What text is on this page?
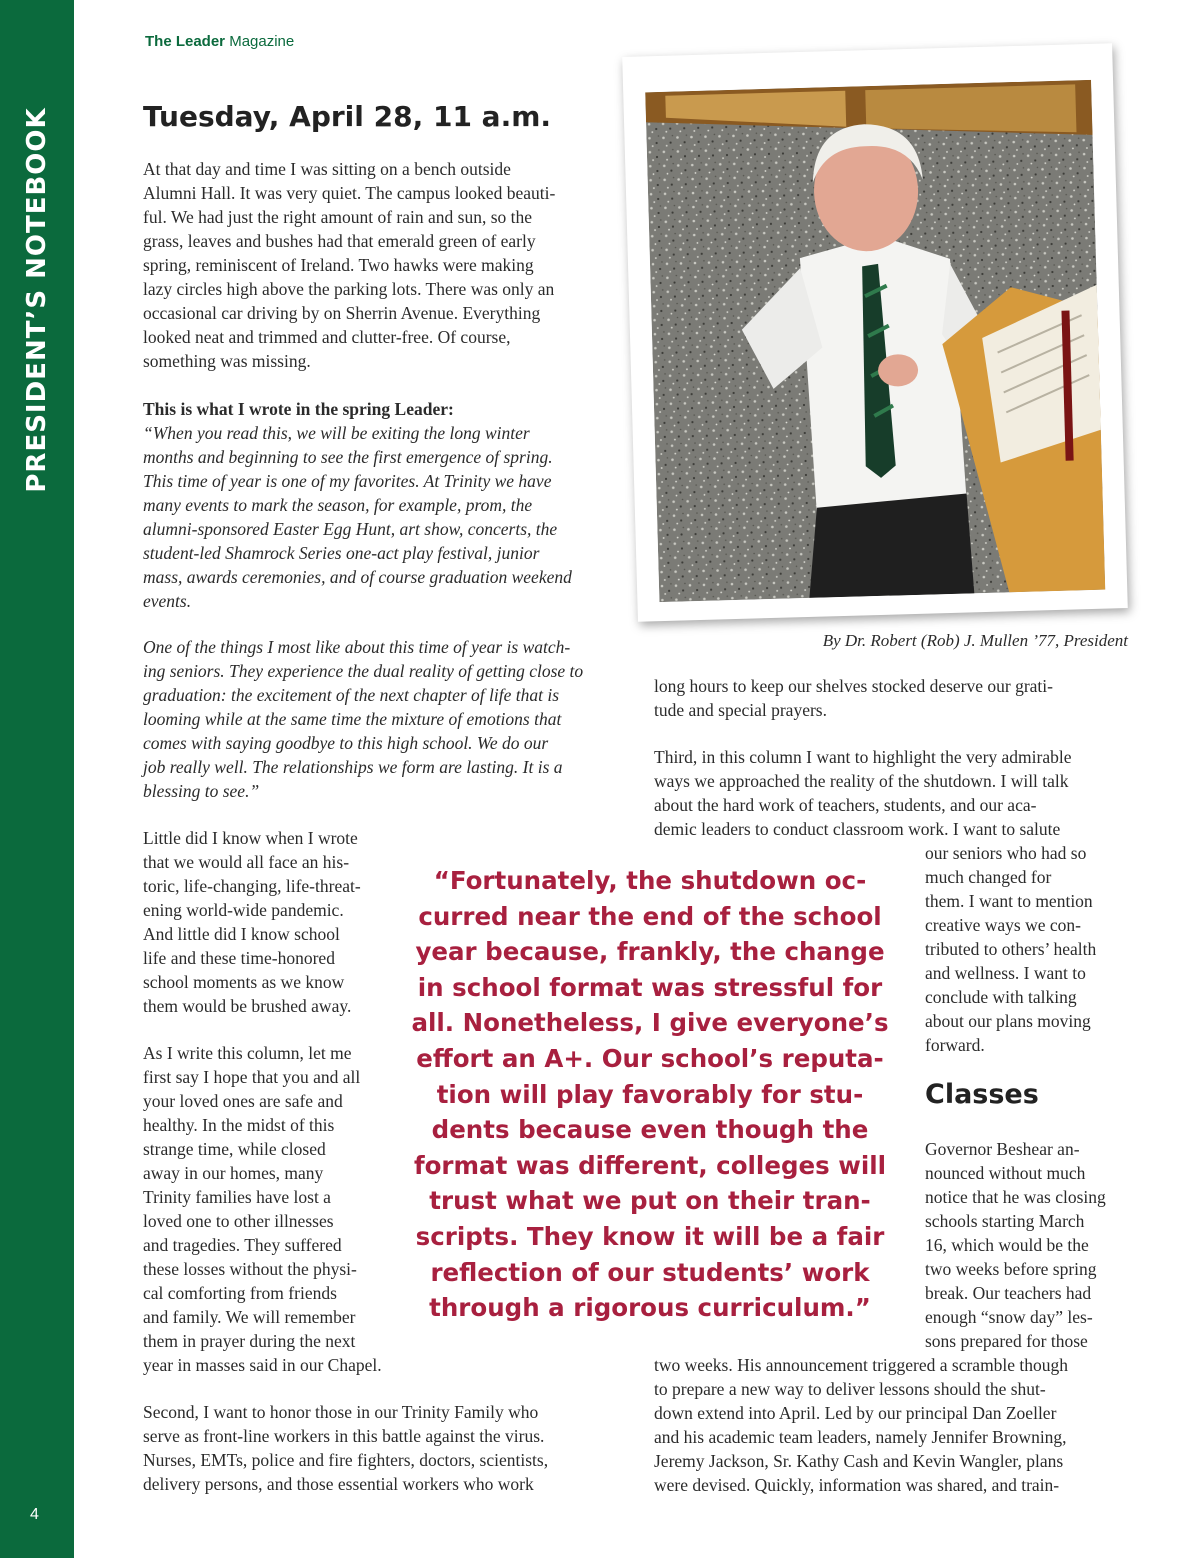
PRESIDENT’S NOTEBOOK
4
The Leader Magazine
Tuesday, April 28, 11 a.m.
At that day and time I was sitting on a bench outside
Alumni Hall. It was very quiet. The campus looked beauti-
ful. We had just the right amount of rain and sun, so the
grass, leaves and bushes had that emerald green of early
spring, reminiscent of Ireland. Two hawks were making
lazy circles high above the parking lots. There was only an
occasional car driving by on Sherrin Avenue. Everything
looked neat and trimmed and clutter-free. Of course,
something was missing.
This is what I wrote in the spring Leader:
“When you read this, we will be exiting the long winter
months and beginning to see the first emergence of spring.
This time of year is one of my favorites. At Trinity we have
many events to mark the season, for example, prom, the
alumni-sponsored Easter Egg Hunt, art show, concerts, the
student-led Shamrock Series one-act play festival, junior
mass, awards ceremonies, and of course graduation weekend
events.
One of the things I most like about this time of year is watch-
ing seniors. They experience the dual reality of getting close to
graduation: the excitement of the next chapter of life that is
looming while at the same time the mixture of emotions that
comes with saying goodbye to this high school. We do our
job really well. The relationships we form are lasting. It is a
blessing to see.”
Little did I know when I wrote
that we would all face an his-
toric, life-changing, life-threat-
ening world-wide pandemic.
And little did I know school
life and these time-honored
school moments as we know
them would be brushed away.
As I write this column, let me
first say I hope that you and all
your loved ones are safe and
healthy. In the midst of this
strange time, while closed
away in our homes, many
Trinity families have lost a
loved one to other illnesses
and tragedies. They suffered
these losses without the physi-
cal comforting from friends
and family. We will remember
them in prayer during the next
year in masses said in our Chapel.
Second, I want to honor those in our Trinity Family who
serve as front-line workers in this battle against the virus.
Nurses, EMTs, police and fire fighters, doctors, scientists,
delivery persons, and those essential workers who work

By Dr. Robert (Rob) J. Mullen ’77, President

long hours to keep our shelves stocked deserve our grati-
tude and special prayers.
Third, in this column I want to highlight the very admirable
ways we approached the reality of the shutdown. I will talk
about the hard work of teachers, students, and our aca-
demic leaders to conduct classroom work. I want to salute
our seniors who had so
much changed for
them. I want to mention
creative ways we con-
tributed to others’ health
and wellness. I want to
conclude with talking
about our plans moving
forward.
Classes
Governor Beshear an-
nounced without much
notice that he was closing
schools starting March
16, which would be the
two weeks before spring
break. Our teachers had
enough “snow day” les-
sons prepared for those
two weeks. His announcement triggered a scramble though
to prepare a new way to deliver lessons should the shut-
down extend into April. Led by our principal Dan Zoeller
and his academic team leaders, namely Jennifer Browning,
Jeremy Jackson, Sr. Kathy Cash and Kevin Wangler, plans
were devised. Quickly, information was shared, and train-
“Fortunately, the shutdown oc-
curred near the end of the school
year because, frankly, the change
in school format was stressful for
all. Nonetheless, I give everyone’s
effort an A+. Our school’s reputa-
tion will play favorably for stu-
dents because even though the
format was different, colleges will
trust what we put on their tran-
scripts. They know it will be a fair
reflection of our students’ work
through a rigorous curriculum.”
